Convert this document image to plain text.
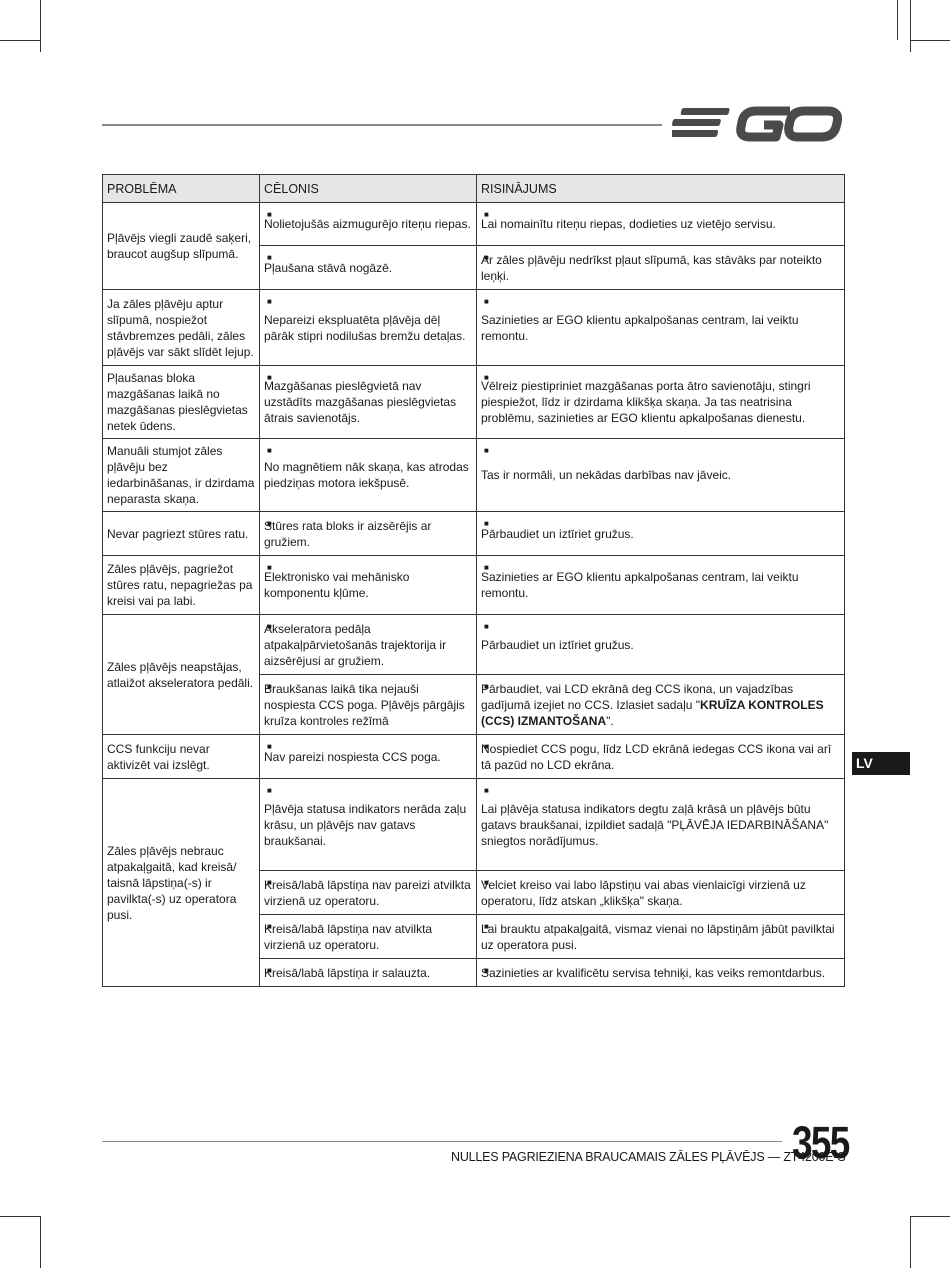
LV
PROBLĒMA	CĒLONIS	RISINĀJUMS
Pļāvējs viegli zaudē saķeri, braucot augšup slīpumā.	■ Nolietojušās aizmugurējo riteņu riepas.	■ Lai nomainītu riteņu riepas, dodieties uz vietējo servisu.
	■ Pļaušana stāvā nogāzē.	■ Ar zāles pļāvēju nedrīkst pļaut slīpumā, kas stāvāks par noteikto leņķi.
Ja zāles pļāvēju aptur slīpumā, nospiežot stāvbremzes pedāli, zāles pļāvējs var sākt slīdēt lejup.	■ Nepareizi ekspluatēta pļāvēja dēļ pārāk stipri nodilušas bremžu detaļas.	■ Sazinieties ar EGO klientu apkalpošanas centram, lai veiktu remontu.
Pļaušanas bloka mazgāšanas laikā no mazgāšanas pieslēgvietas netek ūdens.	■ Mazgāšanas pieslēgvietā nav uzstādīts mazgāšanas pieslēgvietas ātrais savienotājs.	■ Vēlreiz piestipriniet mazgāšanas porta ātro savienotāju, stingri piespiežot, līdz ir dzirdama klikšķa skaņa. Ja tas neatrisina problēmu, sazinieties ar EGO klientu apkalpošanas dienestu.
Manuāli stumjot zāles pļāvēju bez iedarbināšanas, ir dzirdama neparasta skaņa.	■ No magnētiem nāk skaņa, kas atrodas piedziņas motora iekšpusē.	■ Tas ir normāli, un nekādas darbības nav jāveic.
Nevar pagriezt stūres ratu.	■ Stūres rata bloks ir aizsērējis ar gružiem.	■ Pārbaudiet un iztīriet gružus.
Zāles pļāvējs, pagriežot stūres ratu, nepagriežas pa kreisi vai pa labi.	■ Elektronisko vai mehānisko komponentu kļūme.	■ Sazinieties ar EGO klientu apkalpošanas centram, lai veiktu remontu.
Zāles pļāvējs neapstājas, atlaižot akseleratora pedāli.	■ Akseleratora pedāļa atpakaļpārvietošanās trajektorija ir aizsērējusi ar gružiem.	■ Pārbaudiet un iztīriet gružus.
	■ Braukšanas laikā tika nejauši nospiesta CCS poga. Pļāvējs pārgājis kruīza kontroles režīmā	■ Pārbaudiet, vai LCD ekrānā deg CCS ikona, un vajadzības gadījumā izejiet no CCS. Izlasiet sadaļu "KRUĪZA KONTROLES (CCS) IZMANTOŠANA".
CCS funkciju nevar aktivizēt vai izslēgt.	■ Nav pareizi nospiesta CCS poga.	■ Nospiediet CCS pogu, līdz LCD ekrānā iedegas CCS ikona vai arī tā pazūd no LCD ekrāna.
Zāles pļāvējs nebrauc atpakaļgaitā, kad kreisā/ taisnā lāpstiņa(-s) ir pavilkta(-s) uz operatora pusi.	■ Pļāvēja statusa indikators nerāda zaļu krāsu, un pļāvējs nav gatavs braukšanai.	■ Lai pļāvēja statusa indikators degtu zaļā krāsā un pļāvējs būtu gatavs braukšanai, izpildiet sadaļā "PĻĀVĒJA IEDARBINĀŠANA" sniegtos norādījumus.
	■ Kreisā/labā lāpstiņa nav pareizi atvilkta virzienā uz operatoru.	■ Velciet kreiso vai labo lāpstiņu vai abas vienlaicīgi virzienā uz operatoru, līdz atskan „klikšķa" skaņa.
	■ Kreisā/labā lāpstiņa nav atvilkta virzienā uz operatoru.	■ Lai brauktu atpakaļgaitā, vismaz vienai no lāpstiņām jābūt pavilktai uz operatora pusi.
	■ Kreisā/labā lāpstiņa ir salauzta.	■ Sazinieties ar kvalificētu servisa tehniķi, kas veiks remontdarbus.
NULLES PAGRIEZIENA BRAUCAMAIS ZĀLES PĻĀVĒJS — ZT4200E-S
355
